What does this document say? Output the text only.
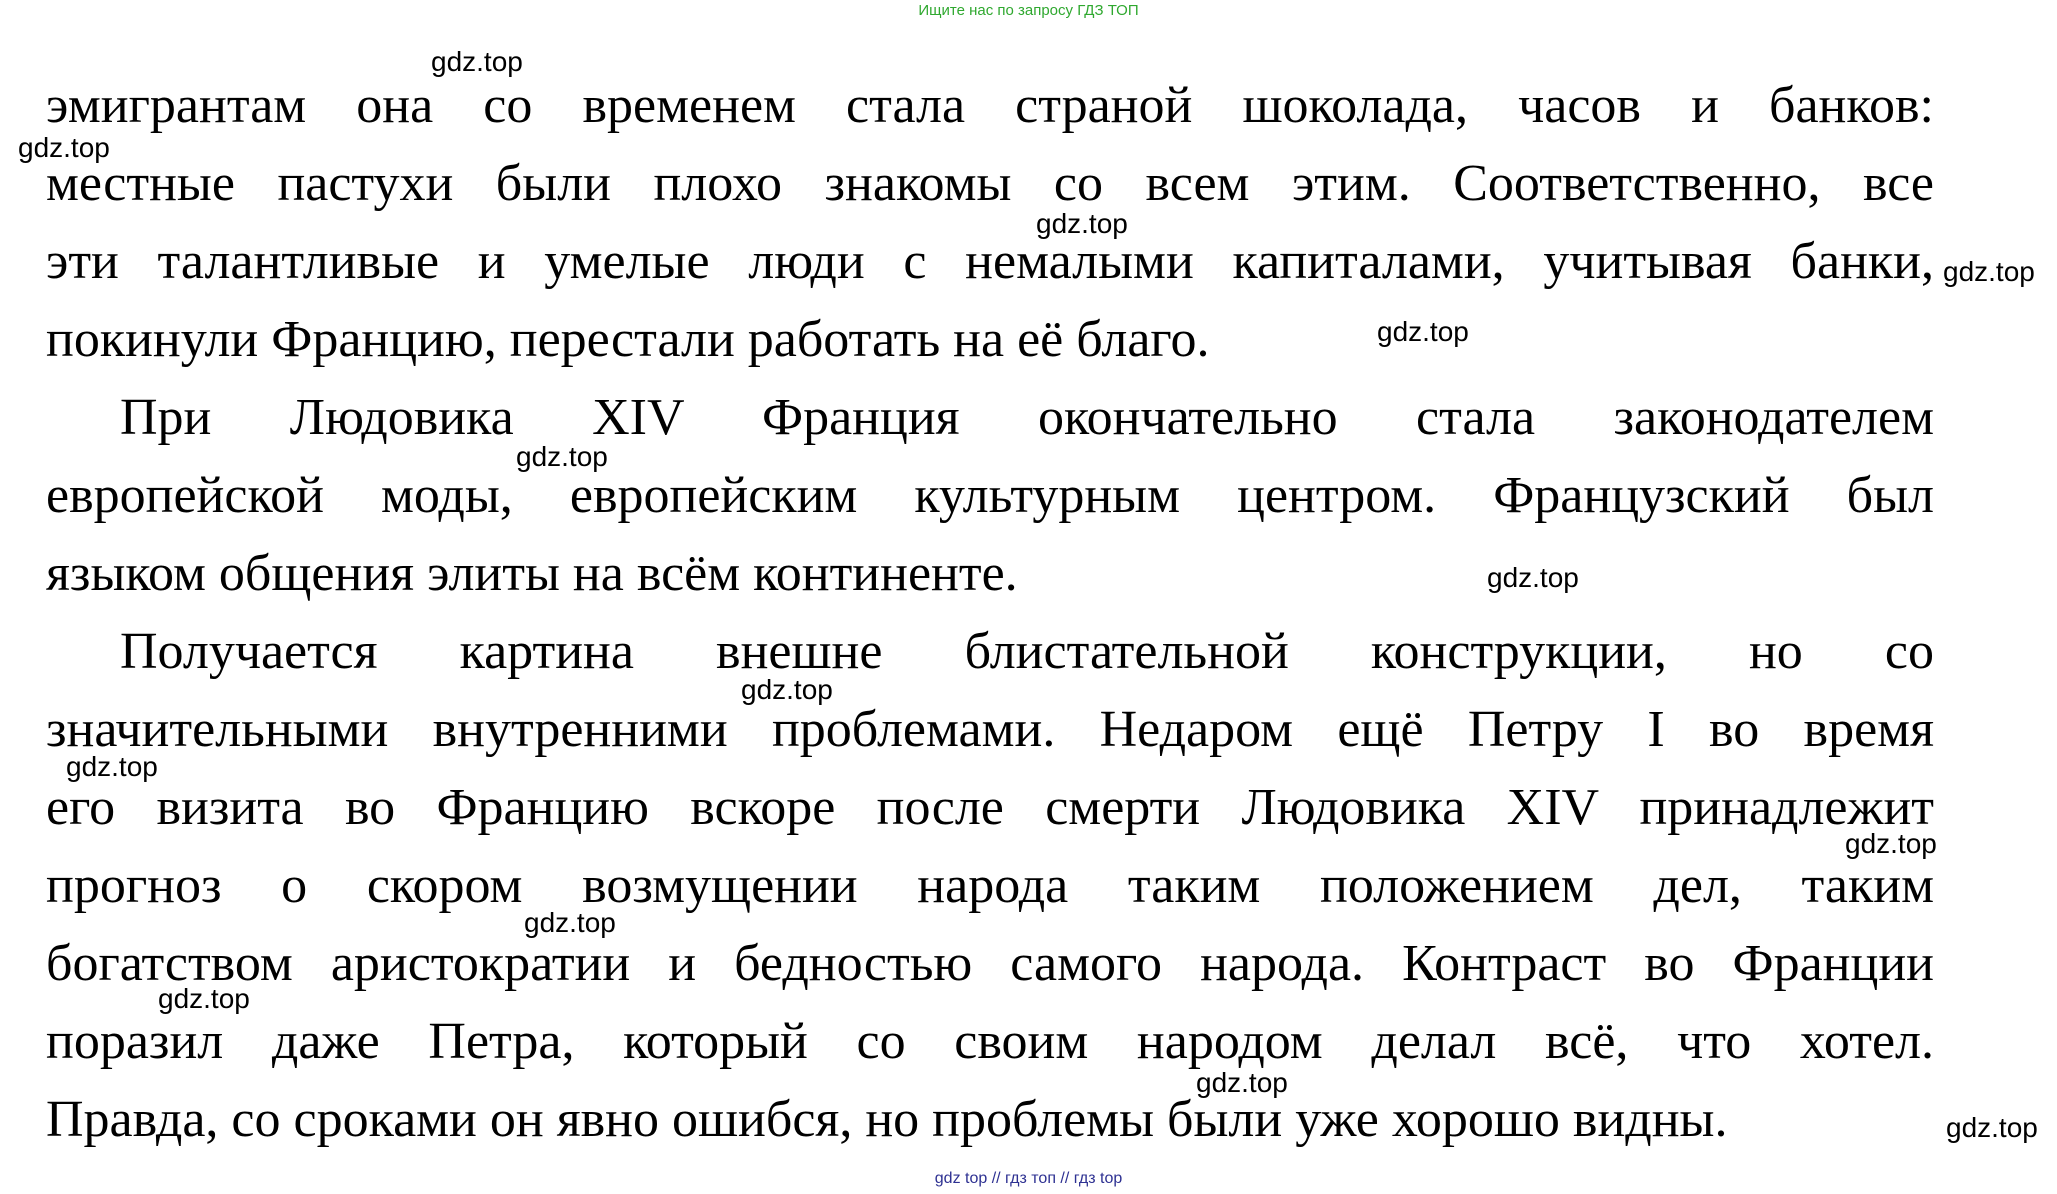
Ищите нас по запросу ГДЗ ТОП
эмигрантам она со временем стала страной шоколада, часов и банков:
местные пастухи были плохо знакомы со всем этим. Соответственно, все
эти талантливые и умелые люди с немалыми капиталами, учитывая банки,
покинули Францию, перестали работать на её благо.
При Людовика XIV Франция окончательно стала законодателем
европейской моды, европейским культурным центром. Французский был
языком общения элиты на всём континенте.
Получается картина внешне блистательной конструкции, но со
значительными внутренними проблемами. Недаром ещё Петру I во время
его визита во Францию вскоре после смерти Людовика XIV принадлежит
прогноз о скором возмущении народа таким положением дел, таким
богатством аристократии и бедностью самого народа. Контраст во Франции
поразил даже Петра, который со своим народом делал всё, что хотел.
Правда, со сроками он явно ошибся, но проблемы были уже хорошо видны.
gdz.top
gdz.top
gdz.top
gdz.top
gdz.top
gdz.top
gdz.top
gdz.top
gdz.top
gdz.top
gdz.top
gdz.top
gdz.top
gdz.top
gdz top // гдз топ // гдз top
